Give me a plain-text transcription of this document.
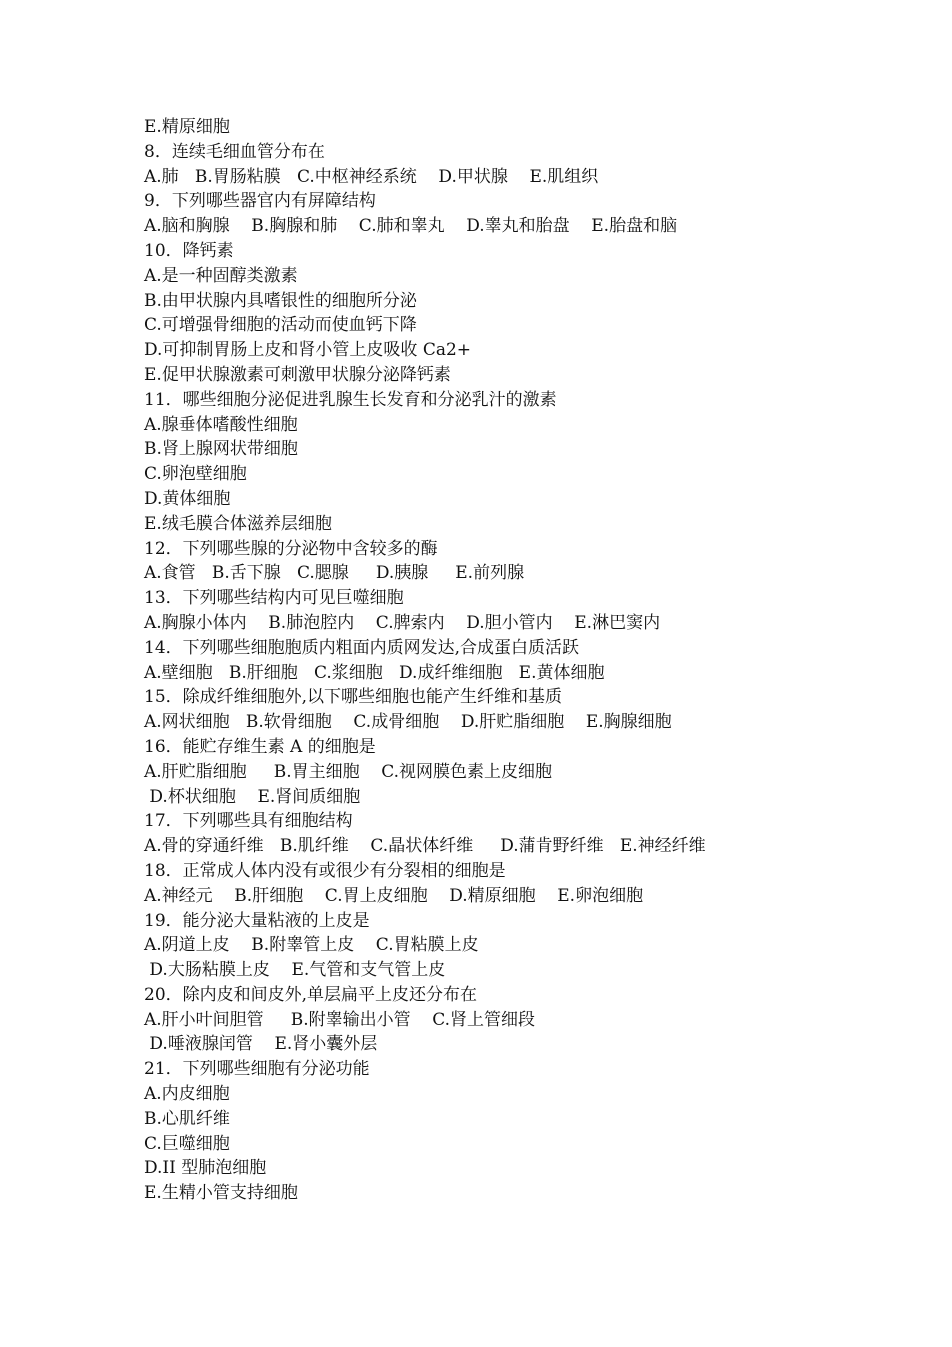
E.精原细胞
8．连续毛细血管分布在
A.肺   B.胃肠粘膜   C.中枢神经系统    D.甲状腺    E.肌组织
9．下列哪些器官内有屏障结构
A.脑和胸腺    B.胸腺和肺    C.肺和睾丸    D.睾丸和胎盘    E.胎盘和脑
10．降钙素
A.是一种固醇类激素
B.由甲状腺内具嗜银性的细胞所分泌
C.可增强骨细胞的活动而使血钙下降
D.可抑制胃肠上皮和肾小管上皮吸收 Ca2+
E.促甲状腺激素可刺激甲状腺分泌降钙素
11．哪些细胞分泌促进乳腺生长发育和分泌乳汁的激素
A.腺垂体嗜酸性细胞
B.肾上腺网状带细胞
C.卵泡壁细胞
D.黄体细胞
E.绒毛膜合体滋养层细胞
12．下列哪些腺的分泌物中含较多的酶
A.食管   B.舌下腺   C.腮腺     D.胰腺     E.前列腺
13．下列哪些结构内可见巨噬细胞
A.胸腺小体内    B.肺泡腔内    C.脾索内    D.胆小管内    E.淋巴窦内
14．下列哪些细胞胞质内粗面内质网发达,合成蛋白质活跃
A.壁细胞   B.肝细胞   C.浆细胞   D.成纤维细胞   E.黄体细胞
15．除成纤维细胞外,以下哪些细胞也能产生纤维和基质
A.网状细胞   B.软骨细胞    C.成骨细胞    D.肝贮脂细胞    E.胸腺细胞
16．能贮存维生素 A 的细胞是
A.肝贮脂细胞     B.胃主细胞    C.视网膜色素上皮细胞
D.杯状细胞    E.肾间质细胞
17．下列哪些具有细胞结构
A.骨的穿通纤维   B.肌纤维    C.晶状体纤维     D.蒲肯野纤维   E.神经纤维
18．正常成人体内没有或很少有分裂相的细胞是
A.神经元    B.肝细胞    C.胃上皮细胞    D.精原细胞    E.卵泡细胞
19．能分泌大量粘液的上皮是
A.阴道上皮    B.附睾管上皮    C.胃粘膜上皮
D.大肠粘膜上皮    E.气管和支气管上皮
20．除内皮和间皮外,单层扁平上皮还分布在
A.肝小叶间胆管     B.附睾输出小管    C.肾上管细段
D.唾液腺闰管    E.肾小囊外层
21．下列哪些细胞有分泌功能
A.内皮细胞
B.心肌纤维
C.巨噬细胞
D.II 型肺泡细胞
E.生精小管支持细胞
